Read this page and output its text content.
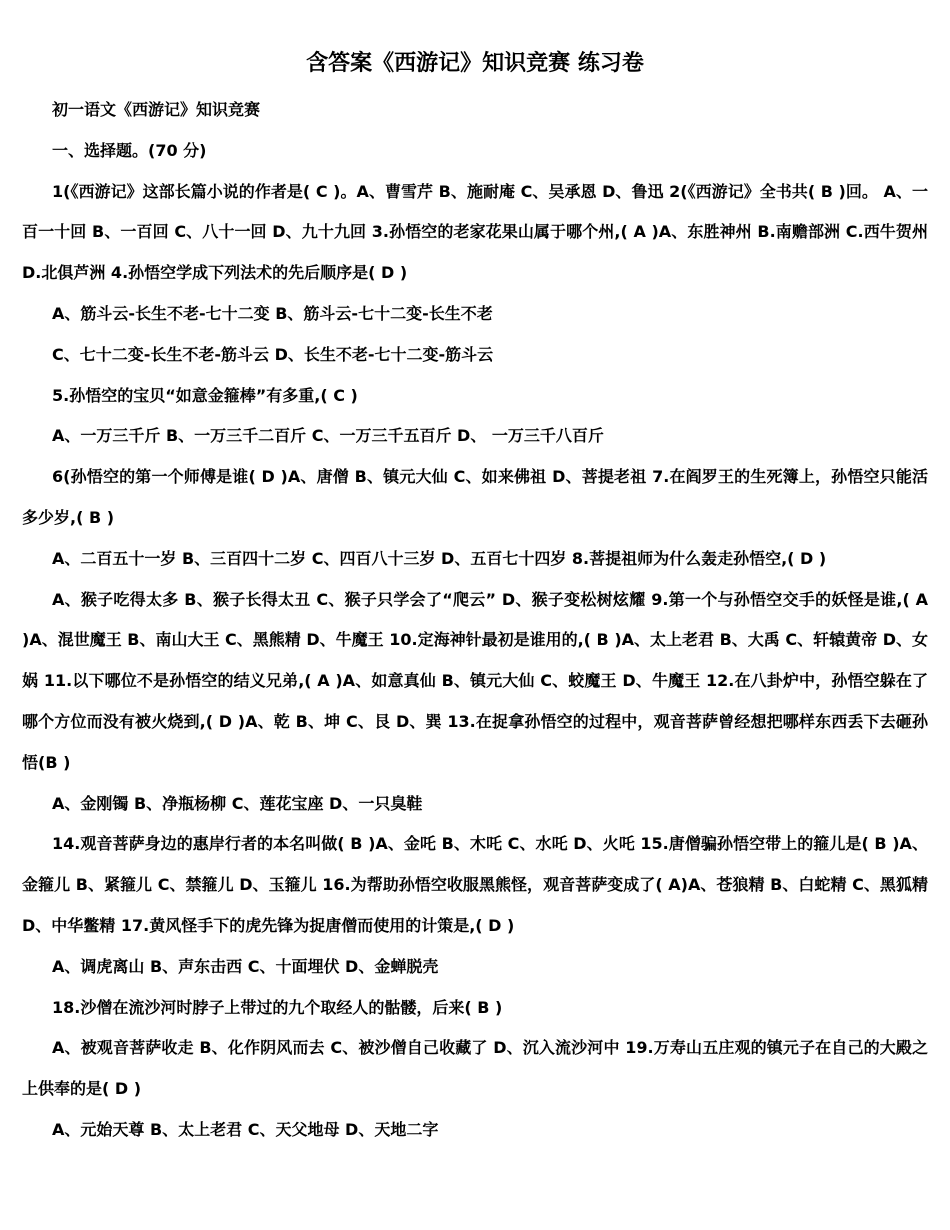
含答案《西游记》知识竞赛 练习卷

初一语文《西游记》知识竞赛

一、选择题。(70 分)

1(《西游记》这部长篇小说的作者是( C )。A、曹雪芹 B、施耐庵 C、吴承恩 D、鲁迅 2(《西游记》全书共( B )回。 A、一百一十回 B、一百回 C、八十一回 D、九十九回 3.孙悟空的老家花果山属于哪个州,( A )A、东胜神州 B.南赡部洲 C.西牛贺州 D.北俱芦洲 4.孙悟空学成下列法术的先后顺序是( D )

A、筋斗云-长生不老-七十二变 B、筋斗云-七十二变-长生不老

C、七十二变-长生不老-筋斗云 D、长生不老-七十二变-筋斗云

5.孙悟空的宝贝“如意金箍棒”有多重,( C )

A、一万三千斤 B、一万三千二百斤 C、一万三千五百斤 D、 一万三千八百斤

6(孙悟空的第一个师傅是谁( D )A、唐僧 B、镇元大仙 C、如来佛祖 D、菩提老祖 7.在阎罗王的生死簿上，孙悟空只能活多少岁,( B )

A、二百五十一岁 B、三百四十二岁 C、四百八十三岁 D、五百七十四岁 8.菩提祖师为什么轰走孙悟空,( D )

A、猴子吃得太多 B、猴子长得太丑 C、猴子只学会了“爬云” D、猴子变松树炫耀 9.第一个与孙悟空交手的妖怪是谁,( A )A、混世魔王 B、南山大王 C、黑熊精 D、牛魔王 10.定海神针最初是谁用的,( B )A、太上老君 B、大禹 C、轩辕黄帝 D、女娲 11.以下哪位不是孙悟空的结义兄弟,( A )A、如意真仙 B、镇元大仙 C、蛟魔王 D、牛魔王 12.在八卦炉中，孙悟空躲在了哪个方位而没有被火烧到,( D )A、乾 B、坤 C、艮 D、巽 13.在捉拿孙悟空的过程中，观音菩萨曾经想把哪样东西丢下去砸孙悟(B )

A、金刚镯 B、净瓶杨柳 C、莲花宝座 D、一只臭鞋

14.观音菩萨身边的惠岸行者的本名叫做( B )A、金吒 B、木吒 C、水吒 D、火吒 15.唐僧骗孙悟空带上的箍儿是( B )A、金箍儿 B、紧箍儿 C、禁箍儿 D、玉箍儿 16.为帮助孙悟空收服黑熊怪，观音菩萨变成了( A)A、苍狼精 B、白蛇精 C、黑狐精 D、中华鳖精 17.黄风怪手下的虎先锋为捉唐僧而使用的计策是,( D )

A、调虎离山 B、声东击西 C、十面埋伏 D、金蝉脱壳

18.沙僧在流沙河时脖子上带过的九个取经人的骷髅，后来( B )

A、被观音菩萨收走 B、化作阴风而去 C、被沙僧自己收藏了 D、沉入流沙河中 19.万寿山五庄观的镇元子在自己的大殿之上供奉的是( D )

A、元始天尊 B、太上老君 C、天父地母 D、天地二字
